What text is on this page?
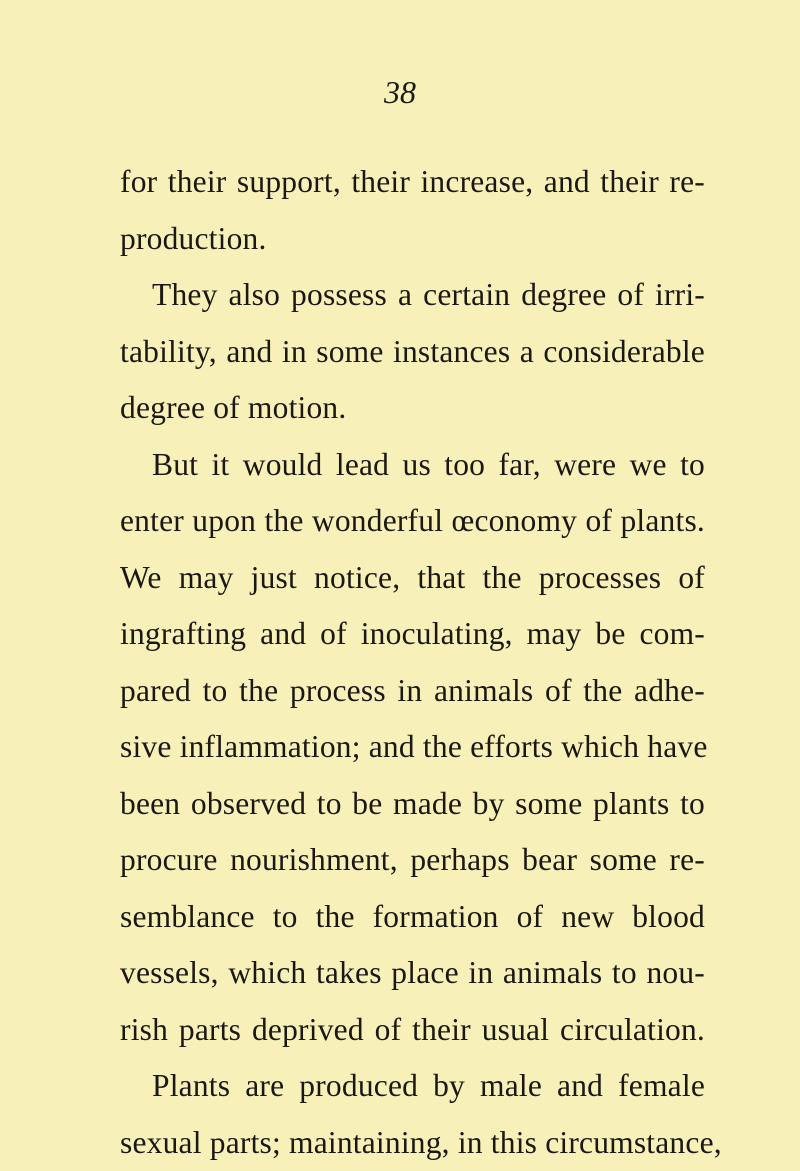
38
for their support, their increase, and their re-
production.
They also possess a certain degree of irri-
tability, and in some instances a considerable
degree of motion.
But it would lead us too far, were we to
enter upon the wonderful œconomy of plants.
We may just notice, that the processes of
ingrafting and of inoculating, may be com-
pared to the process in animals of the adhe-
sive inflammation; and the efforts which have
been observed to be made by some plants to
procure nourishment, perhaps bear some re-
semblance to the formation of new blood
vessels, which takes place in animals to nou-
rish parts deprived of their usual circulation.
Plants are produced by male and female
sexual parts; maintaining, in this circumstance,
